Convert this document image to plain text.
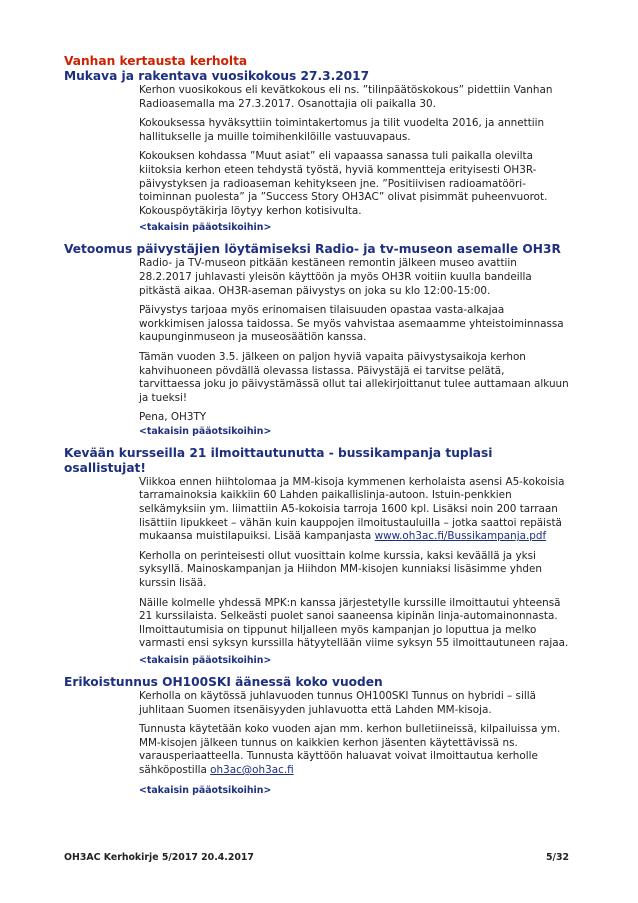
Vanhan kertausta kerholta
Mukava ja rakentava vuosikokous 27.3.2017

Kerhon vuosikokous eli kevätkokous eli ns. ”tilinpäätöskokous” pidettiin Vanhan Radioasemalla ma 27.3.2017. Osanottajia oli paikalla 30.

Kokouksessa hyväksyttiin toimintakertomus ja tilit vuodelta 2016, ja annettiin hallitukselle ja muille toimihenkilöille vastuuvapaus.

Kokouksen kohdassa ”Muut asiat” eli vapaassa sanassa tuli paikalla olevilta kiitoksia kerhon eteen tehdystä työstä, hyviä kommentteja erityisesti OH3R-päivystyksen ja radioaseman kehitykseen jne. ”Positiivisen radioamatööri-toiminnan puolesta” ja ”Success Story OH3AC” olivat pisimmät puheenvuorot. Kokouspöytäkirja löytyy kerhon kotisivulta.

<takaisin pääotsikoihin>

Vetoomus päivystäjien löytämiseksi Radio- ja tv-museon asemalle OH3R

Radio- ja TV-museon pitkään kestäneen remontin jälkeen museo avattiin 28.2.2017 juhlavasti yleisön käyttöön ja myös OH3R voitiin kuulla bandeilla pitkästä aikaa. OH3R-aseman päivystys on joka su klo 12:00-15:00.

Päivystys tarjoaa myös erinomaisen tilaisuuden opastaa vasta-alkajaa workkimisen jalossa taidossa. Se myös vahvistaa asemaamme yhteistoiminnassa kaupunginmuseon ja museosäätiön kanssa.

Tämän vuoden 3.5. jälkeen on paljon hyviä vapaita päivystysaikoja kerhon kahvihuoneen pövdällä olevassa listassa. Päivystäjä ei tarvitse pelätä, tarvittaessa joku jo päivystämässä ollut tai allekirjoittanut tulee auttamaan alkuun ja tueksi!

Pena, OH3TY

<takaisin pääotsikoihin>

Kevään kursseilla 21 ilmoittautunutta - bussikampanja tuplasi osallistujat!

Viikkoa ennen hiihtolomaa ja MM-kisoja kymmenen kerholaista asensi A5-kokoisia tarramainoksia kaikkiin 60 Lahden paikallislinja-autoon. Istuin-penkkien selkämyksiin ym. liimattiin A5-kokoisia tarroja 1600 kpl. Lisäksi noin 200 tarraan lisättiin lipukkeet – vähän kuin kauppojen ilmoitustauluilla – jotka saattoi repäistä mukaansa muistilapuiksi. Lisää kampanjasta www.oh3ac.fi/Bussikampanja.pdf

Kerholla on perinteisesti ollut vuosittain kolme kurssia, kaksi keväällä ja yksi syksyllä. Mainoskampanjan ja Hiihdon MM-kisojen kunniaksi lisäsimme yhden kurssin lisää.

Näille kolmelle yhdessä MPK:n kanssa järjestetylle kurssille ilmoittautui yhteensä 21 kurssilaista. Selkeästi puolet sanoi saaneensa kipinän linja-automainonnasta. Ilmoittautumisia on tippunut hiljalleen myös kampanjan jo loputtua ja melko varmasti ensi syksyn kurssilla hätyytellään viime syksyn 55 ilmoittautuneen rajaa.

<takaisin pääotsikoihin>

Erikoistunnus OH100SKI äänessä koko vuoden

Kerholla on käytössä juhlavuoden tunnus OH100SKI Tunnus on hybridi – sillä juhlitaan Suomen itsenäisyyden juhlavuotta että Lahden MM-kisoja.

Tunnusta käytetään koko vuoden ajan mm. kerhon bulletiineissä, kilpailuissa ym. MM-kisojen jälkeen tunnus on kaikkien kerhon jäsenten käytettävissä ns. varausperiaatteella. Tunnusta käyttöön haluavat voivat ilmoittautua kerholle sähköpostilla oh3ac@oh3ac.fi

<takaisin pääotsikoihin>

OH3AC Kerhokirje 5/2017 20.4.2017	5/32
